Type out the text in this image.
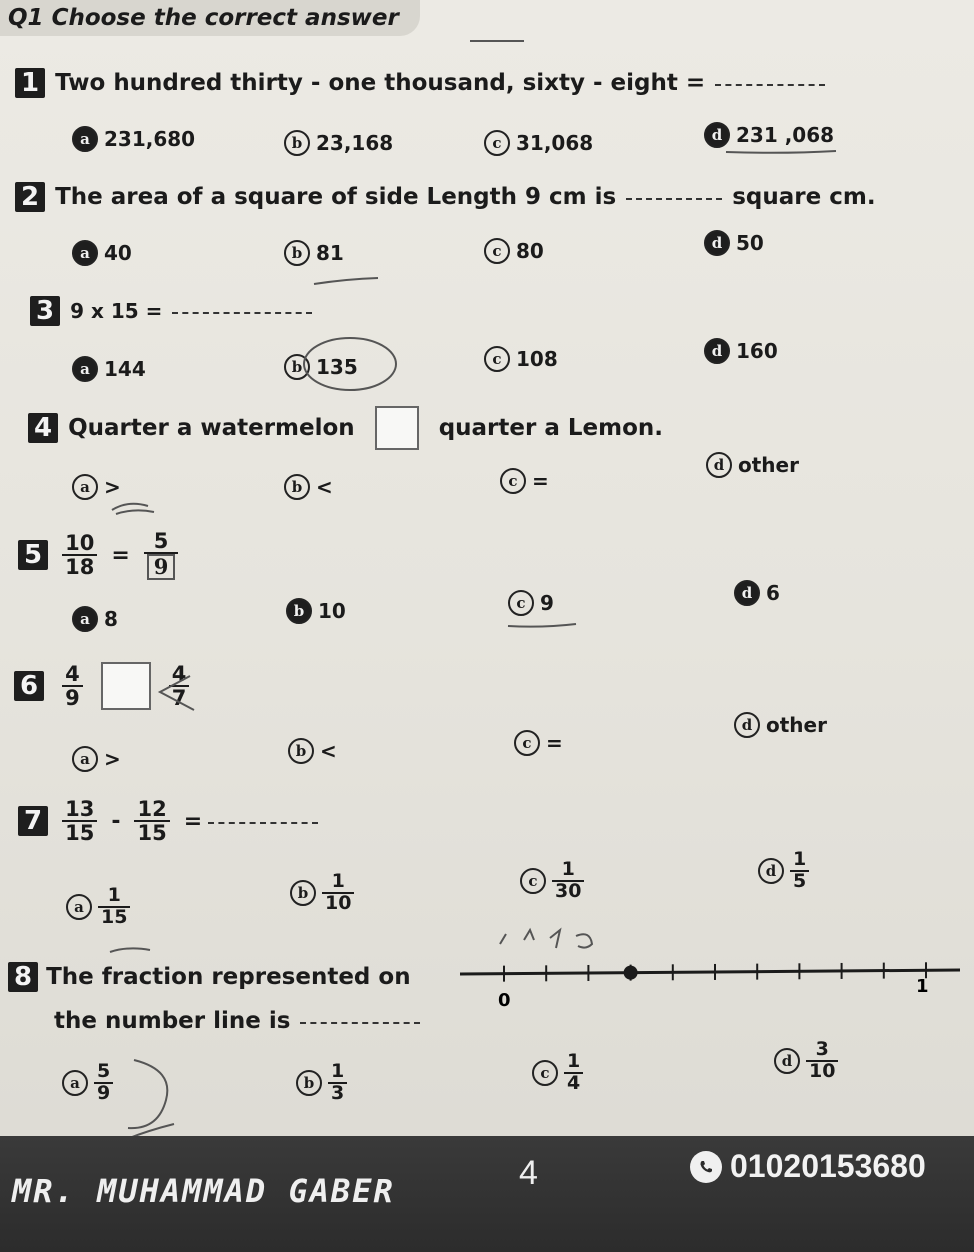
Q1 Choose the correct answer
1 Two hundred thirty - one thousand, sixty - eight =
a 231,680	b 23,168	c 31,068	d 231 ,068
2 The area of a square of side Length 9 cm is	square cm.
a 40	b 81	c 80	d 50
3 9 x 15 =
a 144	b 135	c 108	d 160
4 Quarter a watermelon	quarter a Lemon.
a >	b <	c =
d other
$5 \frac{10}{18} = \frac{5}{9}$
a 8	b 10	c 9	d 6
$6 \frac{4}{9}$	$\frac{4}{7}$
a >	b <	c =
d other
$7 \frac{13}{15} - \frac{12}{15}$ =
a $\frac{1}{15}$	b $\frac{1}{10}$	c $\frac{1}{30}$	d $\frac{1}{5}$
8 The fraction represented on
the number line is
0
1
a $\frac{5}{9}$	b $\frac{1}{3}$	c $\frac{1}{4}$	d $\frac{3}{10}$
MR. MUHAMMAD GABER	4	01020153680
